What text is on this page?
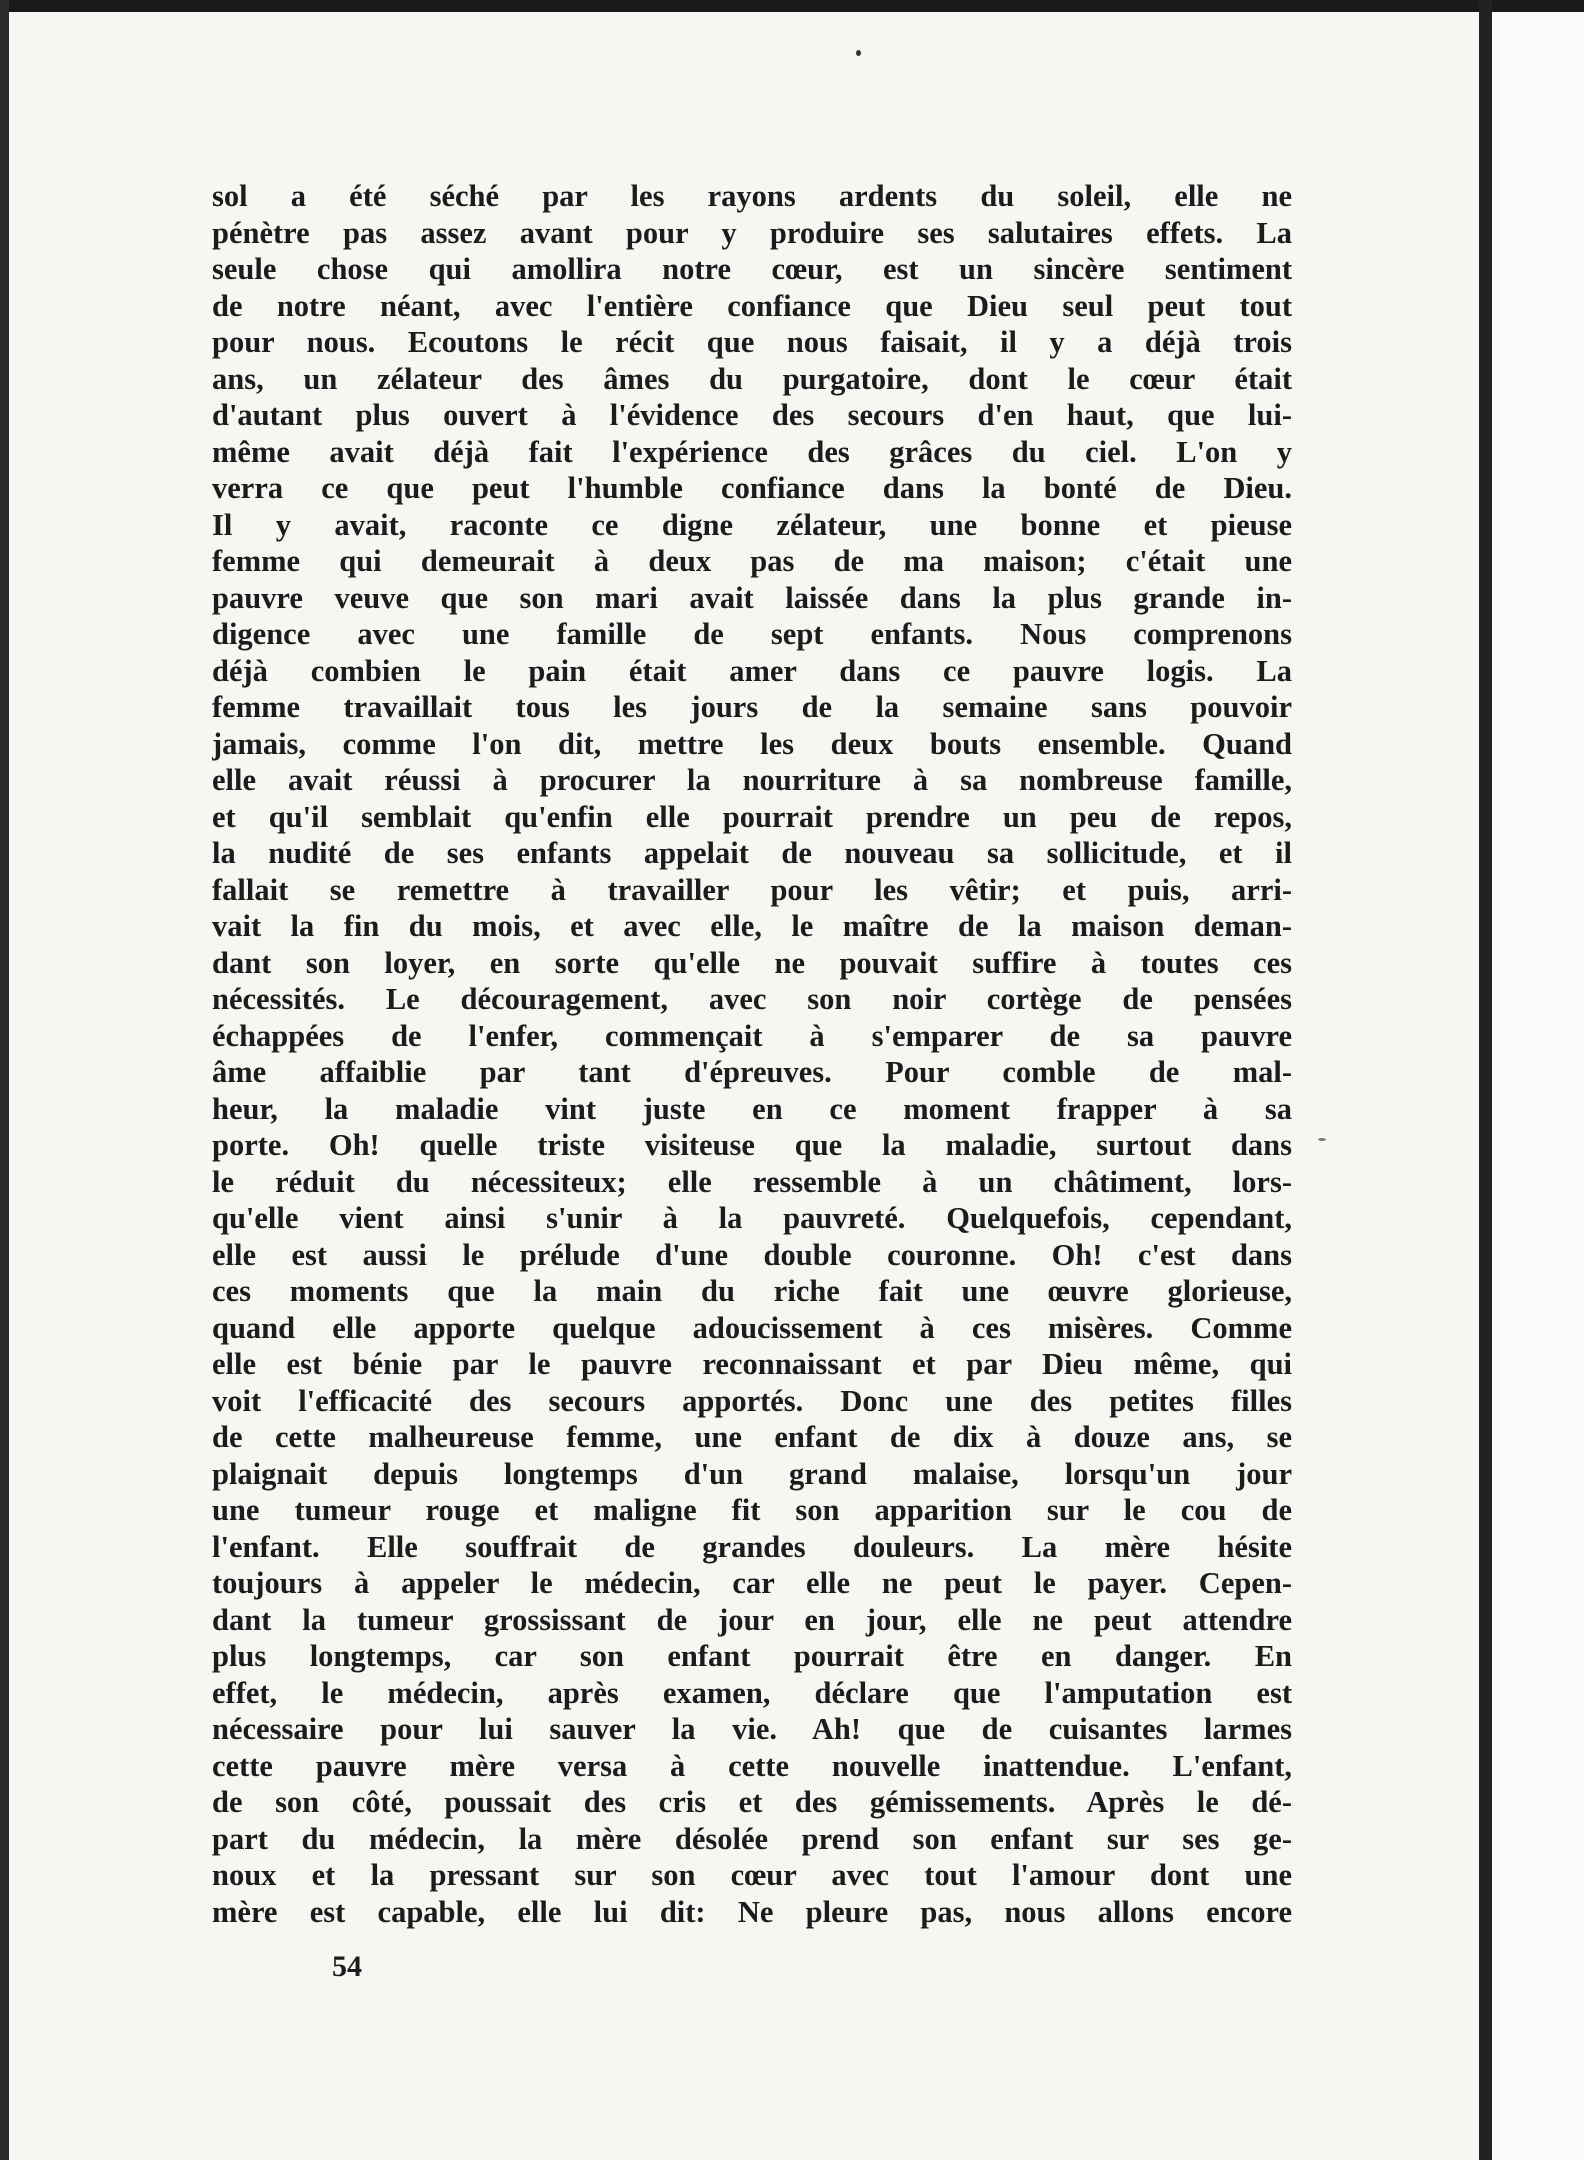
sol a été séché par les rayons ardents du soleil, elle ne
pénètre pas assez avant pour y produire ses salutaires effets. La
seule chose qui amollira notre cœur, est un sincère sentiment
de notre néant, avec l'entière confiance que Dieu seul peut tout
pour nous. Ecoutons le récit que nous faisait, il y a déjà trois
ans, un zélateur des âmes du purgatoire, dont le cœur était
d'autant plus ouvert à l'évidence des secours d'en haut, que lui-
même avait déjà fait l'expérience des grâces du ciel. L'on y
verra ce que peut l'humble confiance dans la bonté de Dieu.
Il y avait, raconte ce digne zélateur, une bonne et pieuse
femme qui demeurait à deux pas de ma maison; c'était une
pauvre veuve que son mari avait laissée dans la plus grande in-
digence avec une famille de sept enfants. Nous comprenons
déjà combien le pain était amer dans ce pauvre logis. La
femme travaillait tous les jours de la semaine sans pouvoir
jamais, comme l'on dit, mettre les deux bouts ensemble. Quand
elle avait réussi à procurer la nourriture à sa nombreuse famille,
et qu'il semblait qu'enfin elle pourrait prendre un peu de repos,
la nudité de ses enfants appelait de nouveau sa sollicitude, et il
fallait se remettre à travailler pour les vêtir; et puis, arri-
vait la fin du mois, et avec elle, le maître de la maison deman-
dant son loyer, en sorte qu'elle ne pouvait suffire à toutes ces
nécessités. Le découragement, avec son noir cortège de pensées
échappées de l'enfer, commençait à s'emparer de sa pauvre
âme affaiblie par tant d'épreuves. Pour comble de mal-
heur, la maladie vint juste en ce moment frapper à sa
porte. Oh! quelle triste visiteuse que la maladie, surtout dans
le réduit du nécessiteux; elle ressemble à un châtiment, lors-
qu'elle vient ainsi s'unir à la pauvreté. Quelquefois, cependant,
elle est aussi le prélude d'une double couronne. Oh! c'est dans
ces moments que la main du riche fait une œuvre glorieuse,
quand elle apporte quelque adoucissement à ces misères. Comme
elle est bénie par le pauvre reconnaissant et par Dieu même, qui
voit l'efficacité des secours apportés. Donc une des petites filles
de cette malheureuse femme, une enfant de dix à douze ans, se
plaignait depuis longtemps d'un grand malaise, lorsqu'un jour
une tumeur rouge et maligne fit son apparition sur le cou de
l'enfant. Elle souffrait de grandes douleurs. La mère hésite
toujours à appeler le médecin, car elle ne peut le payer. Cepen-
dant la tumeur grossissant de jour en jour, elle ne peut attendre
plus longtemps, car son enfant pourrait être en danger. En
effet, le médecin, après examen, déclare que l'amputation est
nécessaire pour lui sauver la vie. Ah! que de cuisantes larmes
cette pauvre mère versa à cette nouvelle inattendue. L'enfant,
de son côté, poussait des cris et des gémissements. Après le dé-
part du médecin, la mère désolée prend son enfant sur ses ge-
noux et la pressant sur son cœur avec tout l'amour dont une
mère est capable, elle lui dit: Ne pleure pas, nous allons encore
54
